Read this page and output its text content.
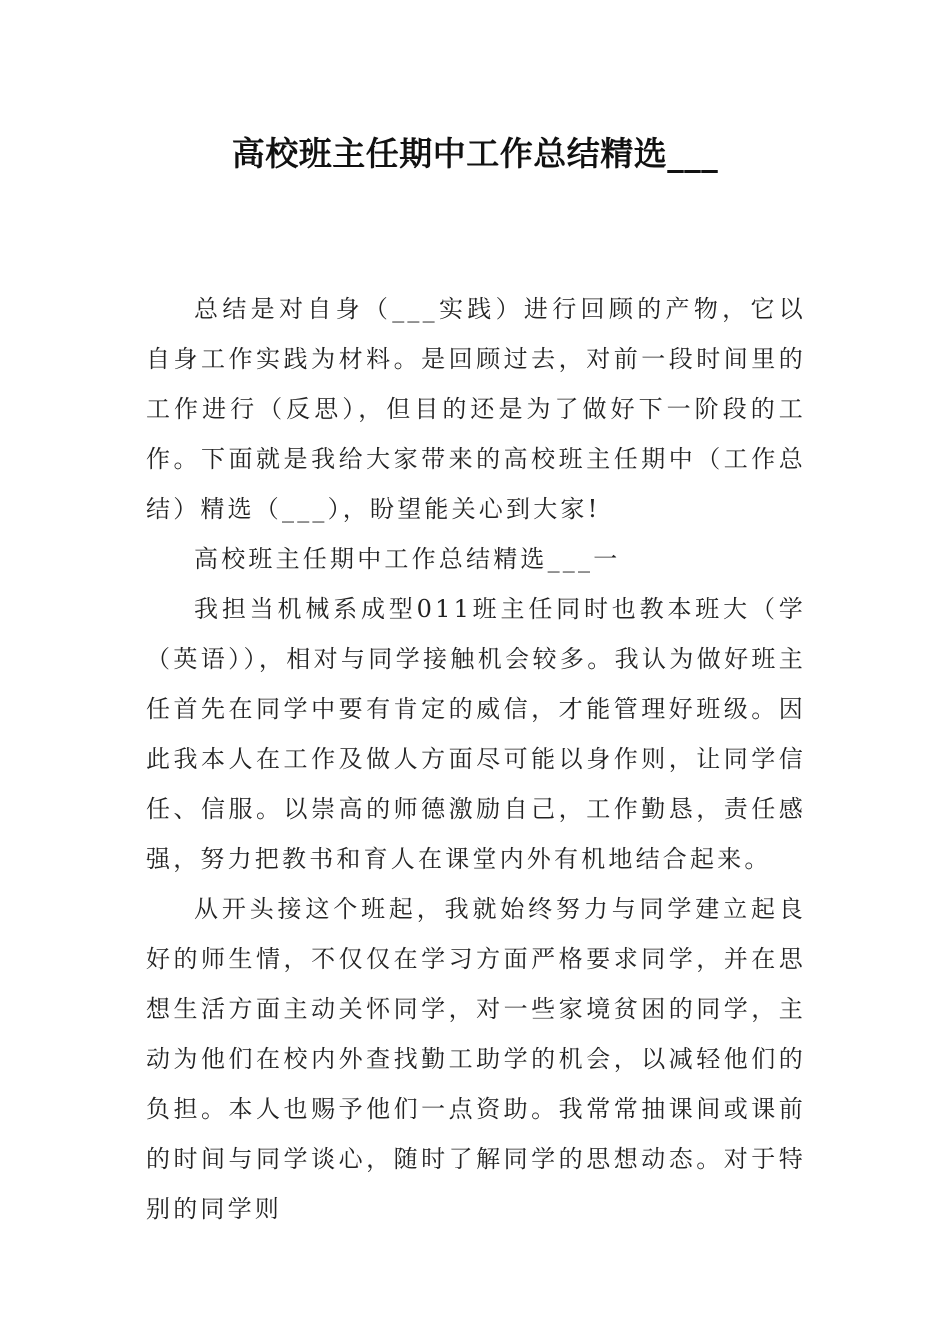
高校班主任期中工作总结精选___

总结是对自身（___实践）进行回顾的产物，它以自身工作实践为材料。是回顾过去，对前一段时间里的工作进行（反思），但目的还是为了做好下一阶段的工作。下面就是我给大家带来的高校班主任期中（工作总结）精选（___），盼望能关心到大家!

高校班主任期中工作总结精选___一

我担当机械系成型011班主任同时也教本班大（学（英语）），相对与同学接触机会较多。我认为做好班主任首先在同学中要有肯定的威信，才能管理好班级。因此我本人在工作及做人方面尽可能以身作则，让同学信任、信服。以崇高的师德激励自己，工作勤恳，责任感强，努力把教书和育人在课堂内外有机地结合起来。

从开头接这个班起，我就始终努力与同学建立起良好的师生情，不仅仅在学习方面严格要求同学，并在思想生活方面主动关怀同学，对一些家境贫困的同学，主动为他们在校内外查找勤工助学的机会，以减轻他们的负担。本人也赐予他们一点资助。我常常抽课间或课前的时间与同学谈心，随时了解同学的思想动态。对于特别的同学则
